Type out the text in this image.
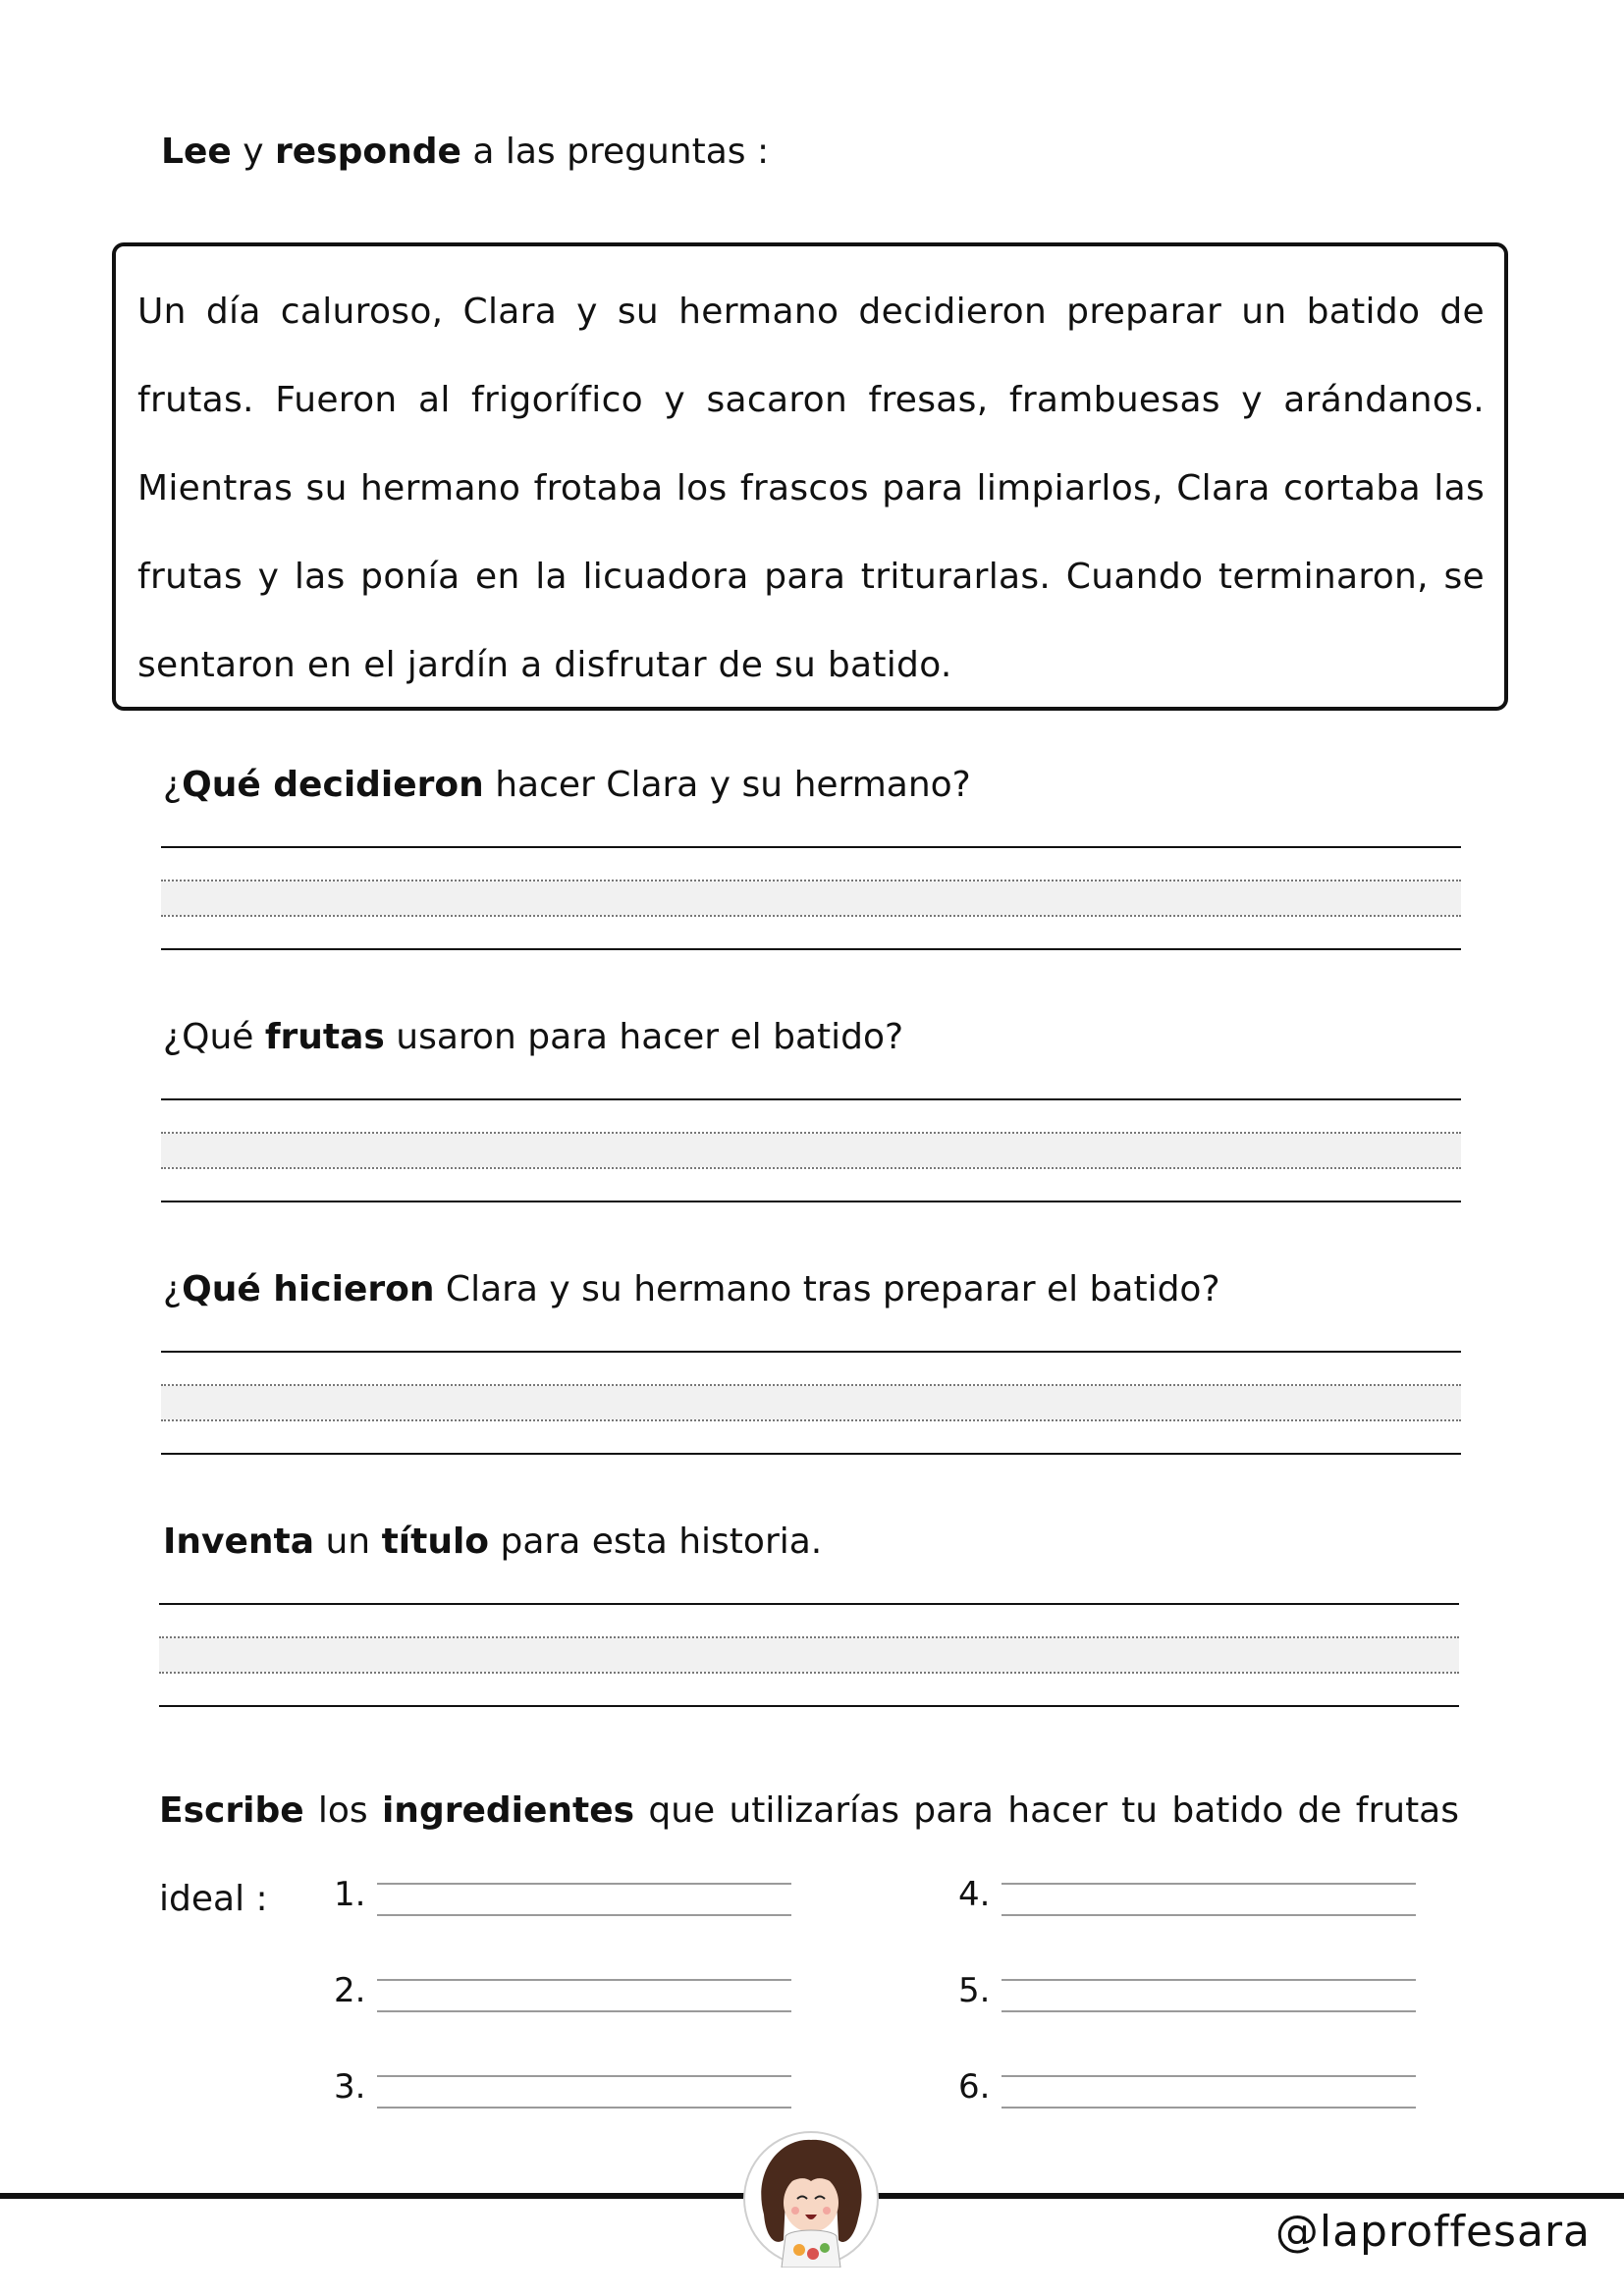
Lee y responde a las preguntas :
Un día caluroso, Clara y su hermano decidieron preparar un batido de frutas. Fueron al frigorífico y sacaron fresas, frambuesas y arándanos. Mientras su hermano frotaba los frascos para limpiarlos, Clara cortaba las frutas y las ponía en la licuadora para triturarlas. Cuando terminaron, se sentaron en el jardín a disfrutar de su batido.
¿Qué decidieron hacer Clara y su hermano?
¿Qué frutas usaron para hacer el batido?
¿Qué hicieron Clara y su hermano tras preparar el batido?
Inventa un título para esta historia.
Escribe los ingredientes que utilizarías para hacer tu batido de frutas ideal :	1.
2.
3.
4.
5.
6.
@laproffesara
